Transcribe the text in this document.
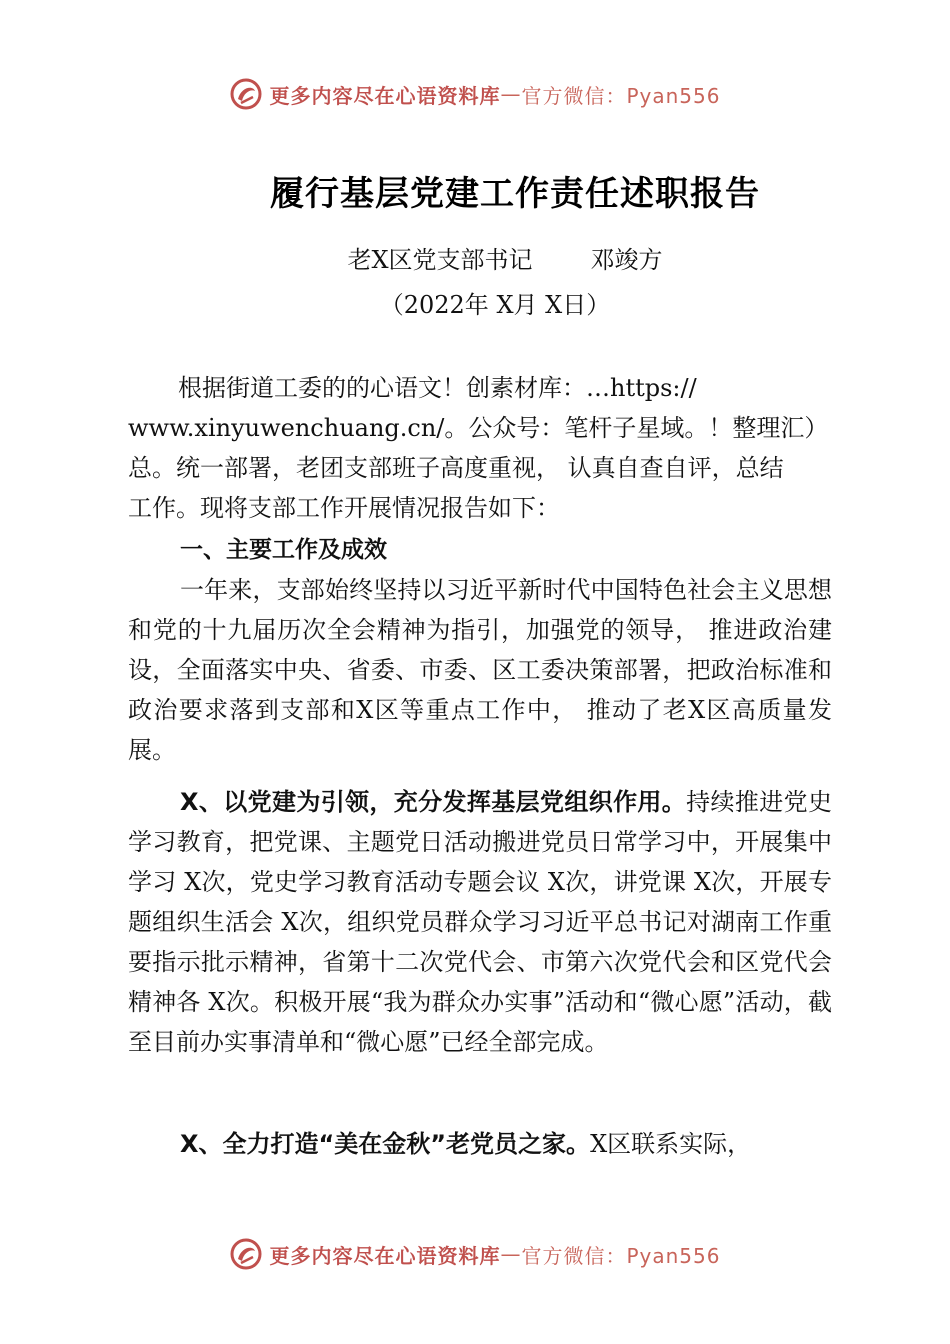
更多内容尽在心语资料库 — 官方微信：Pyan556
履行基层党建工作责任述职报告
老X区党支部书记 邓竣方
（2022年 X月 X日）
根据街道工委的的心语文！创素材库：…https://
www.xinyuwenchuang.cn/。公众号：笔杆子星域。！整理汇）
总。统一部署，老团支部班子高度重视， 认真自查自评，总结
工作。现将支部工作开展情况报告如下：
一、主要工作及成效
一年来，支部始终坚持以习近平新时代中国特色社会主义思想和党的十九届历次全会精神为指引，加强党的领导， 推进政治建设，全面落实中央、省委、市委、区工委决策部署，把政治标准和政治要求落到支部和X区等重点工作中， 推动了老X区高质量发展。
X、以党建为引领，充分发挥基层党组织作用。持续推进党史学习教育，把党课、主题党日活动搬进党员日常学习中，开展集中学习 X次，党史学习教育活动专题会议 X次，讲党课 X次，开展专题组织生活会 X次，组织党员群众学习习近平总书记对湖南工作重要指示批示精神，省第十二次党代会、市第六次党代会和区党代会精神各 X次。积极开展“我为群众办实事”活动和“微心愿”活动，截至目前办实事清单和“微心愿”已经全部完成。
X、全力打造“美在金秋”老党员之家。X区联系实际，
更多内容尽在心语资料库 — 官方微信：Pyan556
